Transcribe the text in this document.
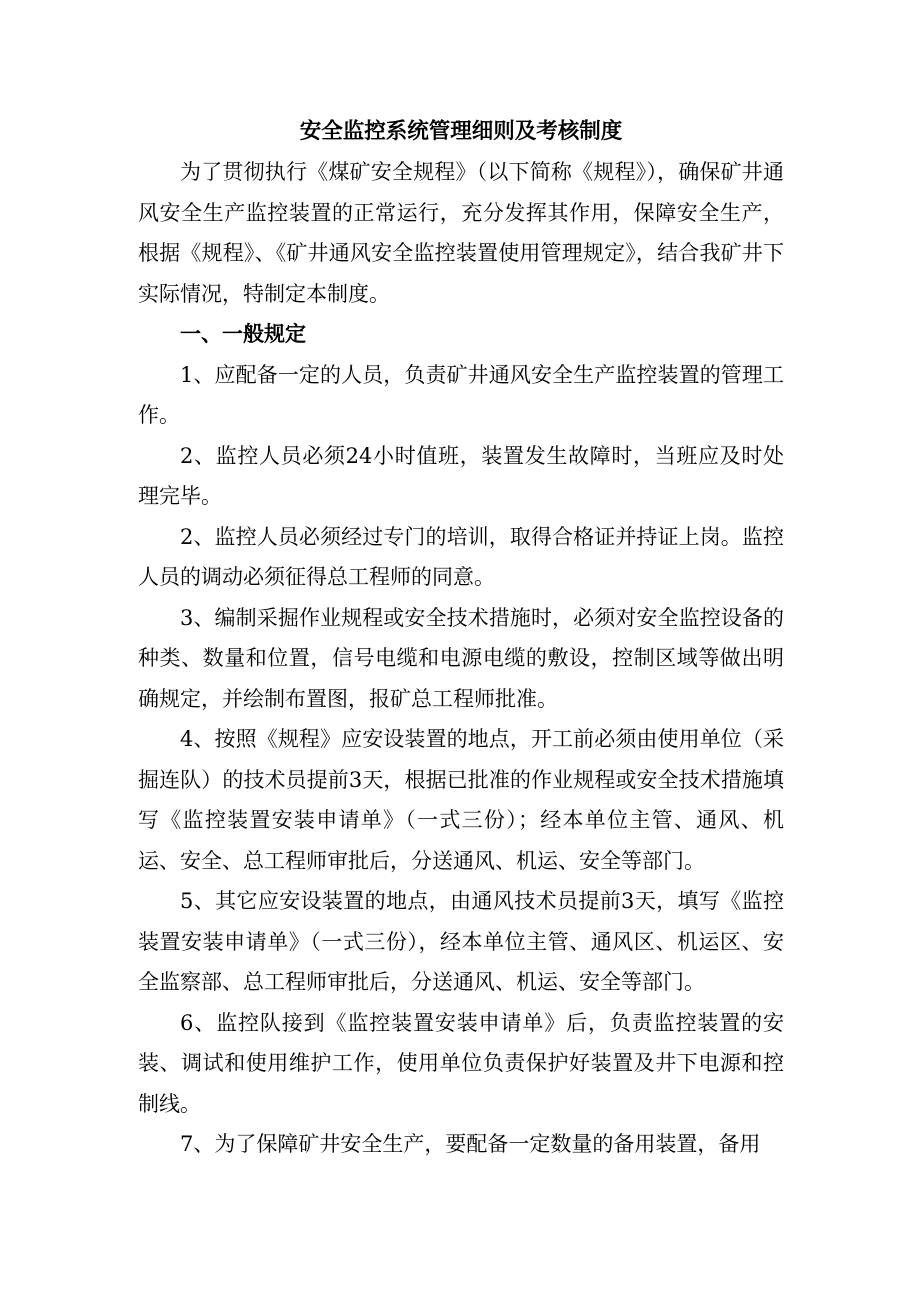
安全监控系统管理细则及考核制度

为了贯彻执行《煤矿安全规程》（以下简称《规程》），确保矿井通风安全生产监控装置的正常运行，充分发挥其作用，保障安全生产，根据《规程》、《矿井通风安全监控装置使用管理规定》，结合我矿井下实际情况，特制定本制度。

一、一般规定

1、应配备一定的人员，负责矿井通风安全生产监控装置的管理工作。

2、监控人员必须24小时值班，装置发生故障时，当班应及时处理完毕。

2、监控人员必须经过专门的培训，取得合格证并持证上岗。监控人员的调动必须征得总工程师的同意。

3、编制采掘作业规程或安全技术措施时，必须对安全监控设备的种类、数量和位置，信号电缆和电源电缆的敷设，控制区域等做出明确规定，并绘制布置图，报矿总工程师批准。

4、按照《规程》应安设装置的地点，开工前必须由使用单位（采掘连队）的技术员提前3天，根据已批准的作业规程或安全技术措施填写《监控装置安装申请单》（一式三份）；经本单位主管、通风、机运、安全、总工程师审批后，分送通风、机运、安全等部门。

5、其它应安设装置的地点，由通风技术员提前3天，填写《监控装置安装申请单》（一式三份），经本单位主管、通风区、机运区、安全监察部、总工程师审批后，分送通风、机运、安全等部门。

6、监控队接到《监控装置安装申请单》后，负责监控装置的安装、调试和使用维护工作，使用单位负责保护好装置及井下电源和控制线。

7、为了保障矿井安全生产，要配备一定数量的备用装置，备用
